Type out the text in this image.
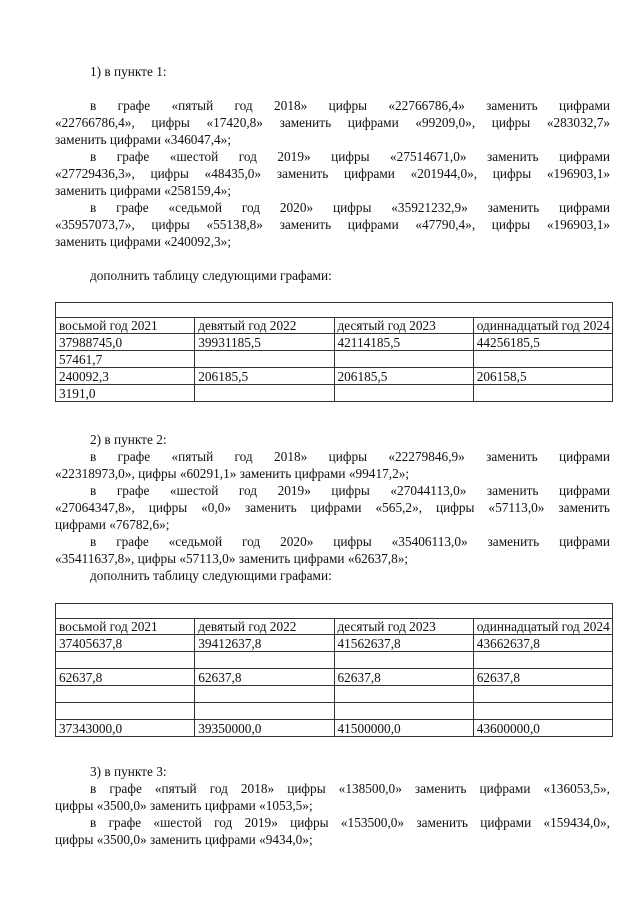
1) в пункте 1:
в графе «пятый год 2018» цифры «22766786,4» заменить цифрами
«22766786,4», цифры «17420,8» заменить цифрами «99209,0», цифры «283032,7»
заменить цифрами «346047,4»;
в графе «шестой год 2019» цифры «27514671,0» заменить цифрами
«27729436,3», цифры «48435,0» заменить цифрами «201944,0», цифры «196903,1»
заменить цифрами «258159,4»;
в графе «седьмой год 2020» цифры «35921232,9» заменить цифрами
«35957073,7», цифры «55138,8» заменить цифрами «47790,4», цифры «196903,1»
заменить цифрами «240092,3»;
дополнить таблицу следующими графами:

восьмой год 2021	девятый год 2022	десятый год 2023	одиннадцатый год 2024
37988745,0	39931185,5	42114185,5	44256185,5
57461,7			
240092,3	206185,5	206185,5	206158,5
3191,0			
2) в пункте 2:
в графе «пятый год 2018» цифры «22279846,9» заменить цифрами
«22318973,0», цифры «60291,1» заменить цифрами «99417,2»;
в графе «шестой год 2019» цифры «27044113,0» заменить цифрами
«27064347,8», цифры «0,0» заменить цифрами «565,2», цифры «57113,0» заменить
цифрами «76782,6»;
в графе «седьмой год 2020» цифры «35406113,0» заменить цифрами
«35411637,8», цифры «57113,0» заменить цифрами «62637,8»;
дополнить таблицу следующими графами:

восьмой год 2021	девятый год 2022	десятый год 2023	одиннадцатый год 2024
37405637,8	39412637,8	41562637,8	43662637,8

62637,8	62637,8	62637,8	62637,8

37343000,0	39350000,0	41500000,0	43600000,0
3) в пункте 3:
в графе «пятый год 2018» цифры «138500,0» заменить цифрами «136053,5»,
цифры «3500,0» заменить цифрами «1053,5»;
в графе «шестой год 2019» цифры «153500,0» заменить цифрами «159434,0»,
цифры «3500,0» заменить цифрами «9434,0»;
